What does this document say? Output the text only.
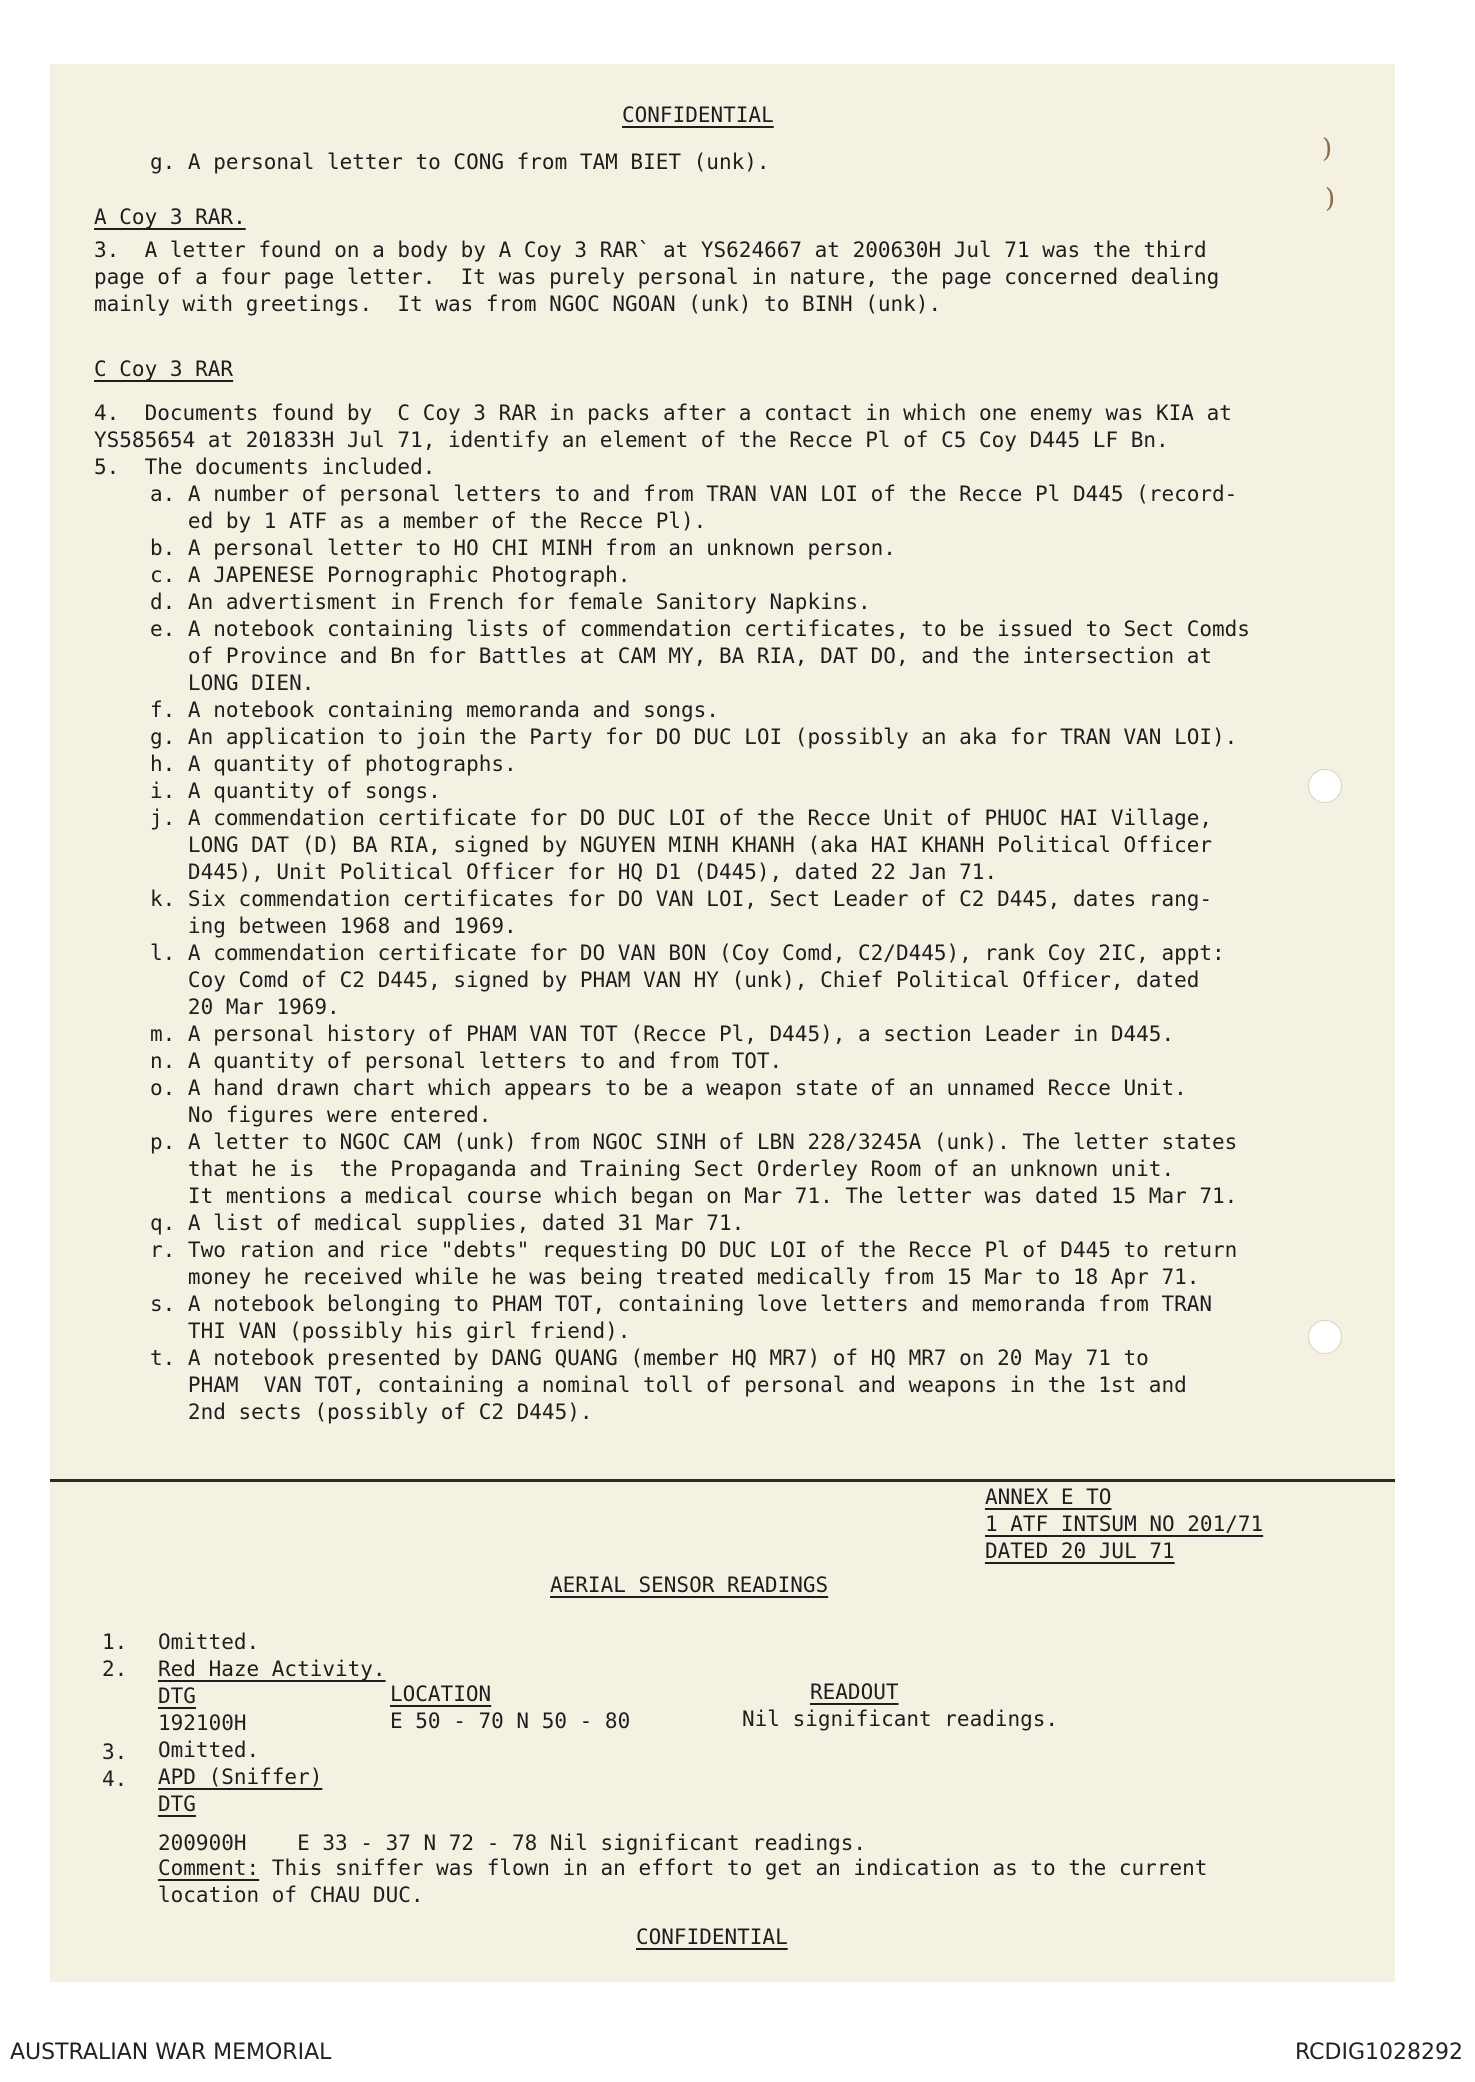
)
)
CONFIDENTIAL
g. A personal letter to CONG from TAM BIET (unk).
A Coy 3 RAR.
3.  A letter found on a body by A Coy 3 RAR` at YS624667 at 200630H Jul 71 was the third
page of a four page letter.  It was purely personal in nature, the page concerned dealing
mainly with greetings.  It was from NGOC NGOAN (unk) to BINH (unk).
C Coy 3 RAR
4.  Documents found by  C Coy 3 RAR in packs after a contact in which one enemy was KIA at
YS585654 at 201833H Jul 71, identify an element of the Recce Pl of C5 Coy D445 LF Bn.
5.  The documents included.
a. A number of personal letters to and from TRAN VAN LOI of the Recce Pl D445 (record-
ed by 1 ATF as a member of the Recce Pl).
b. A personal letter to HO CHI MINH from an unknown person.
c. A JAPENESE Pornographic Photograph.
d. An advertisment in French for female Sanitory Napkins.
e. A notebook containing lists of commendation certificates, to be issued to Sect Comds
of Province and Bn for Battles at CAM MY, BA RIA, DAT DO, and the intersection at
LONG DIEN.
f. A notebook containing memoranda and songs.
g. An application to join the Party for DO DUC LOI (possibly an aka for TRAN VAN LOI).
h. A quantity of photographs.
i. A quantity of songs.
j. A commendation certificate for DO DUC LOI of the Recce Unit of PHUOC HAI Village,
LONG DAT (D) BA RIA, signed by NGUYEN MINH KHANH (aka HAI KHANH Political Officer
D445), Unit Political Officer for HQ D1 (D445), dated 22 Jan 71.
k. Six commendation certificates for DO VAN LOI, Sect Leader of C2 D445, dates rang-
ing between 1968 and 1969.
l. A commendation certificate for DO VAN BON (Coy Comd, C2/D445), rank Coy 2IC, appt:
Coy Comd of C2 D445, signed by PHAM VAN HY (unk), Chief Political Officer, dated
20 Mar 1969.
m. A personal history of PHAM VAN TOT (Recce Pl, D445), a section Leader in D445.
n. A quantity of personal letters to and from TOT.
o. A hand drawn chart which appears to be a weapon state of an unnamed Recce Unit.
No figures were entered.
p. A letter to NGOC CAM (unk) from NGOC SINH of LBN 228/3245A (unk). The letter states
that he is  the Propaganda and Training Sect Orderley Room of an unknown unit.
It mentions a medical course which began on Mar 71. The letter was dated 15 Mar 71.
q. A list of medical supplies, dated 31 Mar 71.
r. Two ration and rice "debts" requesting DO DUC LOI of the Recce Pl of D445 to return
money he received while he was being treated medically from 15 Mar to 18 Apr 71.
s. A notebook belonging to PHAM TOT, containing love letters and memoranda from TRAN
THI VAN (possibly his girl friend).
t. A notebook presented by DANG QUANG (member HQ MR7) of HQ MR7 on 20 May 71 to
PHAM  VAN TOT, containing a nominal toll of personal and weapons in the 1st and
2nd sects (possibly of C2 D445).
ANNEX E TO
1 ATF INTSUM NO 201/71
DATED 20 JUL 71
AERIAL SENSOR READINGS
1. Omitted.
2. Red Haze Activity.
DTG	LOCATION	READOUT
192100H	E 50 - 70 N 50 - 80	Nil significant readings.
3. Omitted.
4. APD (Sniffer)
DTG
200900H    E 33 - 37 N 72 - 78 Nil significant readings.
Comment: This sniffer was flown in an effort to get an indication as to the current
location of CHAU DUC.
CONFIDENTIAL
AUSTRALIAN WAR MEMORIAL	RCDIG1028292
